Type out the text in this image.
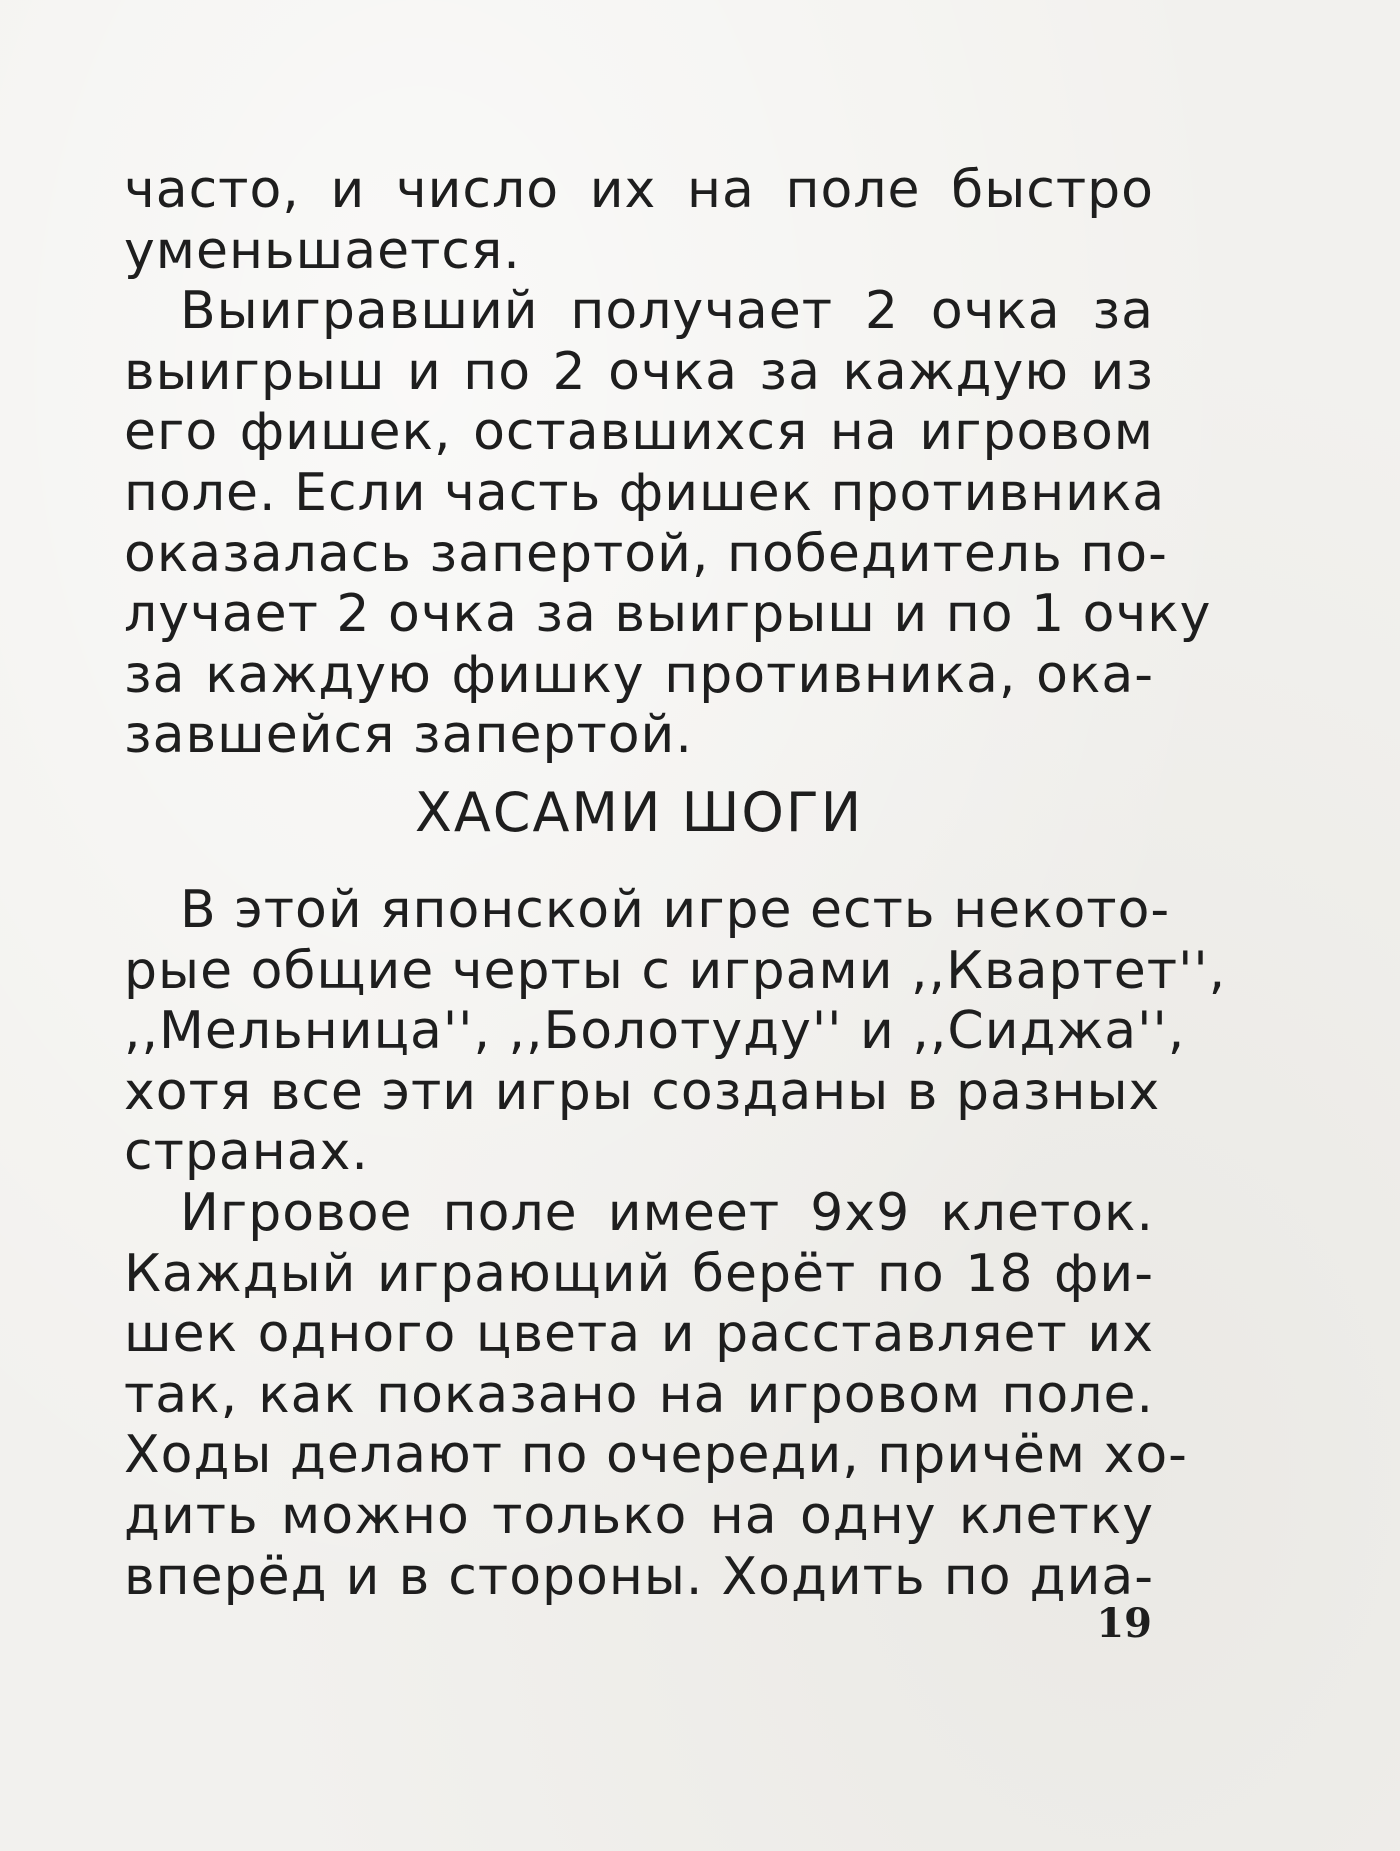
часто, и число их на поле быстро
уменьшается.
Выигравший получает 2 очка за
выигрыш и по 2 очка за каждую из
его фишек, оставшихся на игровом
поле. Если часть фишек противника
оказалась запертой, победитель по-
лучает 2 очка за выигрыш и по 1 очку
за каждую фишку противника, ока-
завшейся запертой.
ХАСАМИ ШОГИ
В этой японской игре есть некото-
рые общие черты с играми ,,Квартет'',
,,Мельница'', ,,Болотуду'' и ,,Сиджа'',
хотя все эти игры созданы в разных
странах.
Игровое поле имеет 9х9 клеток.
Каждый играющий берёт по 18 фи-
шек одного цвета и расставляет их
так, как показано на игровом поле.
Ходы делают по очереди, причём хо-
дить можно только на одну клетку
вперёд и в стороны. Ходить по диа-
19
